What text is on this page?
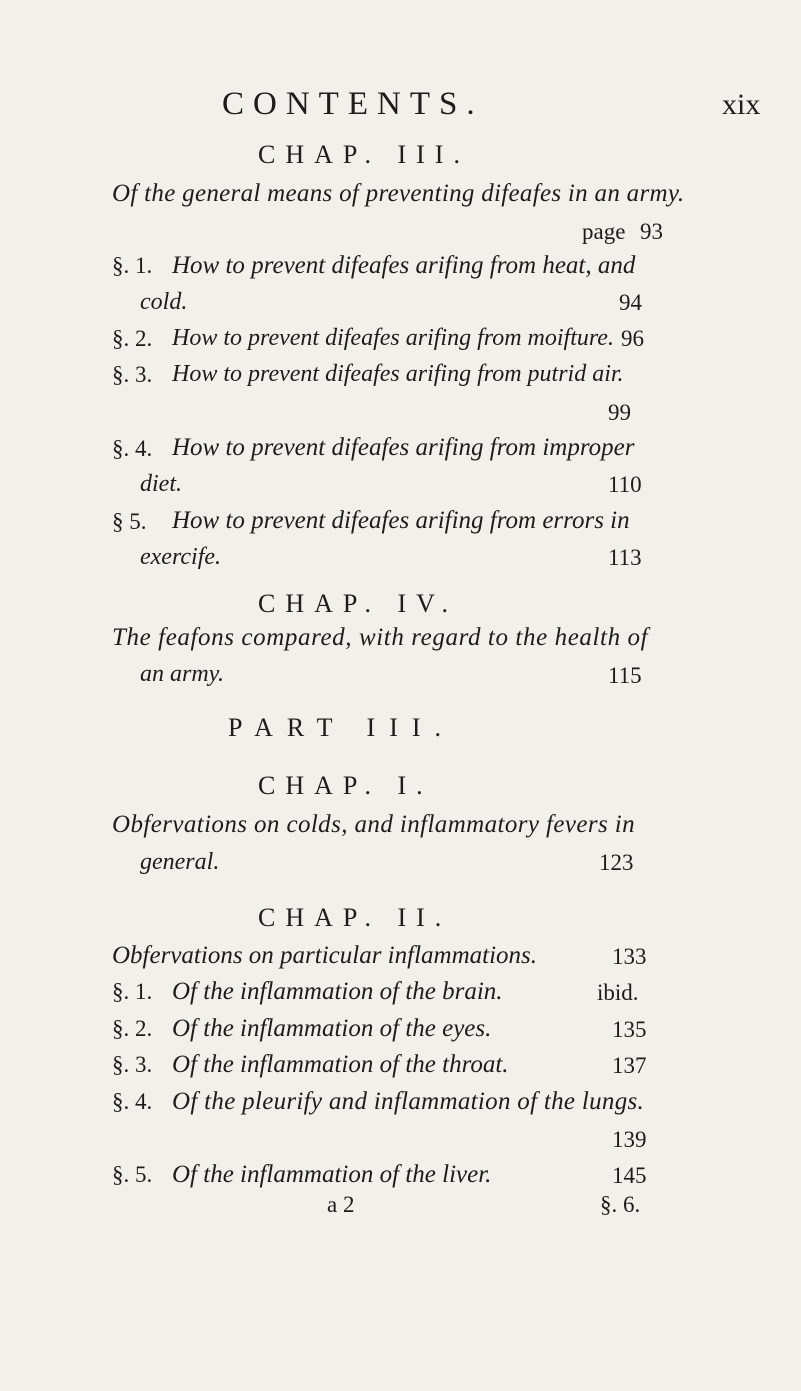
CONTENTS.	xix
CHAP. III.
Of the general means of preventing difeafes in an army.
page 93
§. 1. How to prevent difeafes arifing from heat, and
cold.	94
§. 2. How to prevent difeafes arifing from moifture. 96
§. 3. How to prevent difeafes arifing from putrid air.
99
§. 4. How to prevent difeafes arifing from improper
diet.	110
§ 5. How to prevent difeafes arifing from errors in
exercife.	113
CHAP. IV.
The feafons compared, with regard to the health of
an army.	115
PART III.
CHAP. I.
Obfervations on colds, and inflammatory fevers in
general.	123
CHAP. II.
Obfervations on particular inflammations.	133
§. 1. Of the inflammation of the brain.	ibid.
§. 2. Of the inflammation of the eyes.	135
§. 3. Of the inflammation of the throat.	137
§. 4. Of the pleurify and inflammation of the lungs.
139
§. 5. Of the inflammation of the liver.	145
a 2	§. 6.
